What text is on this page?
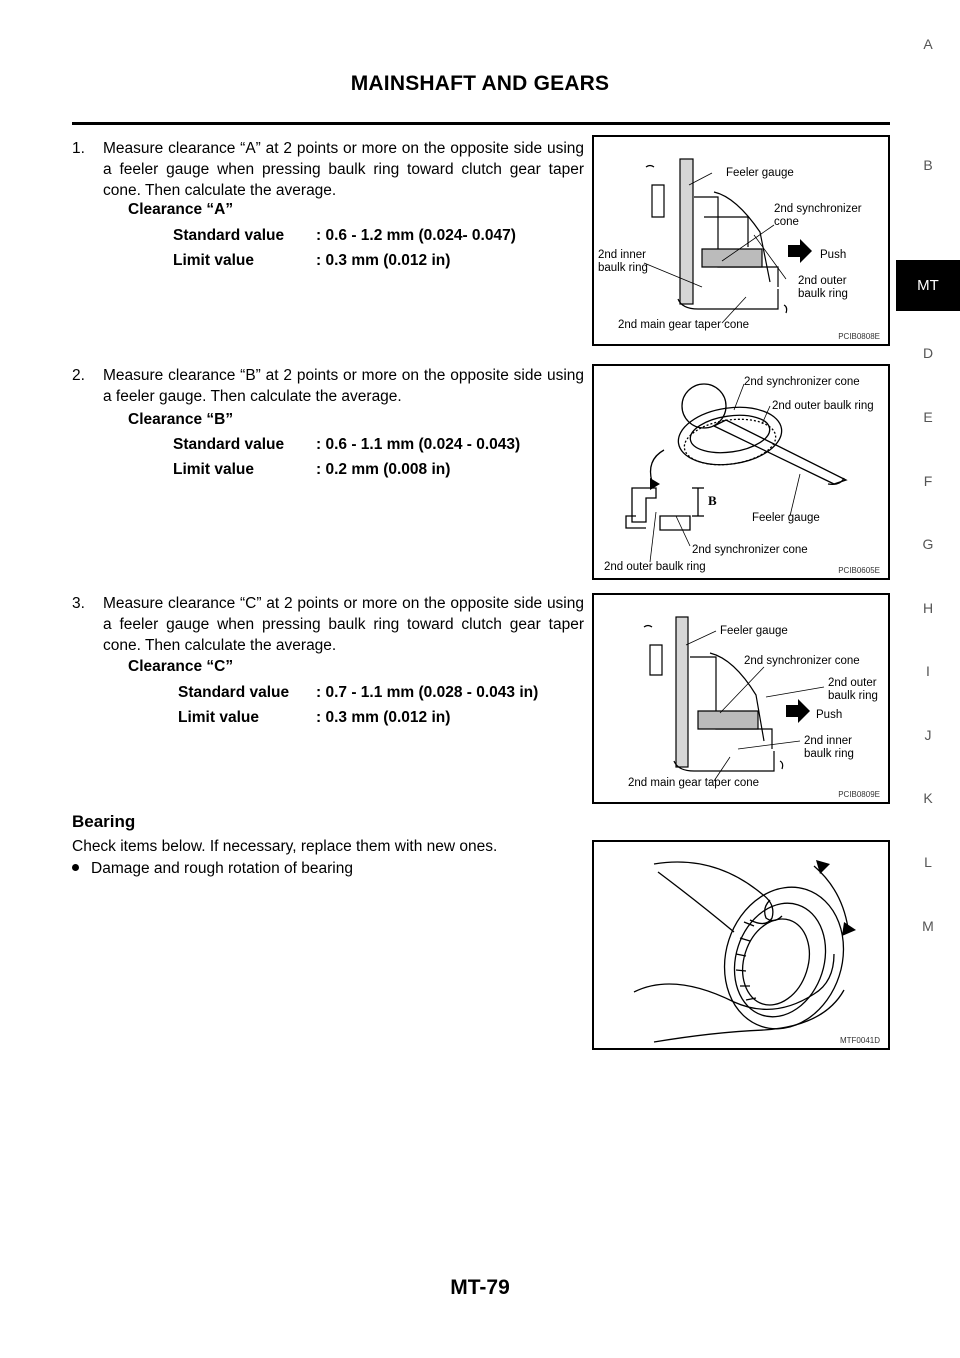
MAINSHAFT AND GEARS
A
B
D
E
F
G
H
I
J
K
L
M
MT
1.	Measure clearance “A” at 2 points or more on the opposite side using a feeler gauge when pressing baulk ring toward clutch gear taper cone. Then calculate the average.
Clearance “A”
Standard value : 0.6 - 1.2 mm (0.024- 0.047)
Limit value	: 0.3 mm (0.012 in)
Feeler gauge
2nd synchronizer cone
Push
2nd inner baulk ring
2nd outer baulk ring
2nd main gear taper cone
PCIB0808E
2.	Measure clearance “B” at 2 points or more on the opposite side using a feeler gauge. Then calculate the average.
Clearance “B”
Standard value : 0.6 - 1.1 mm (0.024 - 0.043)
Limit value	: 0.2 mm (0.008 in)
2nd synchronizer cone
2nd outer baulk ring
B
Feeler gauge
2nd synchronizer cone
2nd outer baulk ring	PCIB0605E
3.	Measure clearance “C” at 2 points or more on the opposite side using a feeler gauge when pressing baulk ring toward clutch gear taper cone. Then calculate the average.
Clearance “C”
Standard value : 0.7 - 1.1 mm (0.028 - 0.043 in)
Limit value	: 0.3 mm (0.012 in)
Feeler gauge
2nd synchronizer cone
2nd outer baulk ring
Push
2nd inner baulk ring
2nd main gear taper cone
PCIB0809E
Bearing
Check items below. If necessary, replace them with new ones.
Damage and rough rotation of bearing
MTF0041D
MT-79
